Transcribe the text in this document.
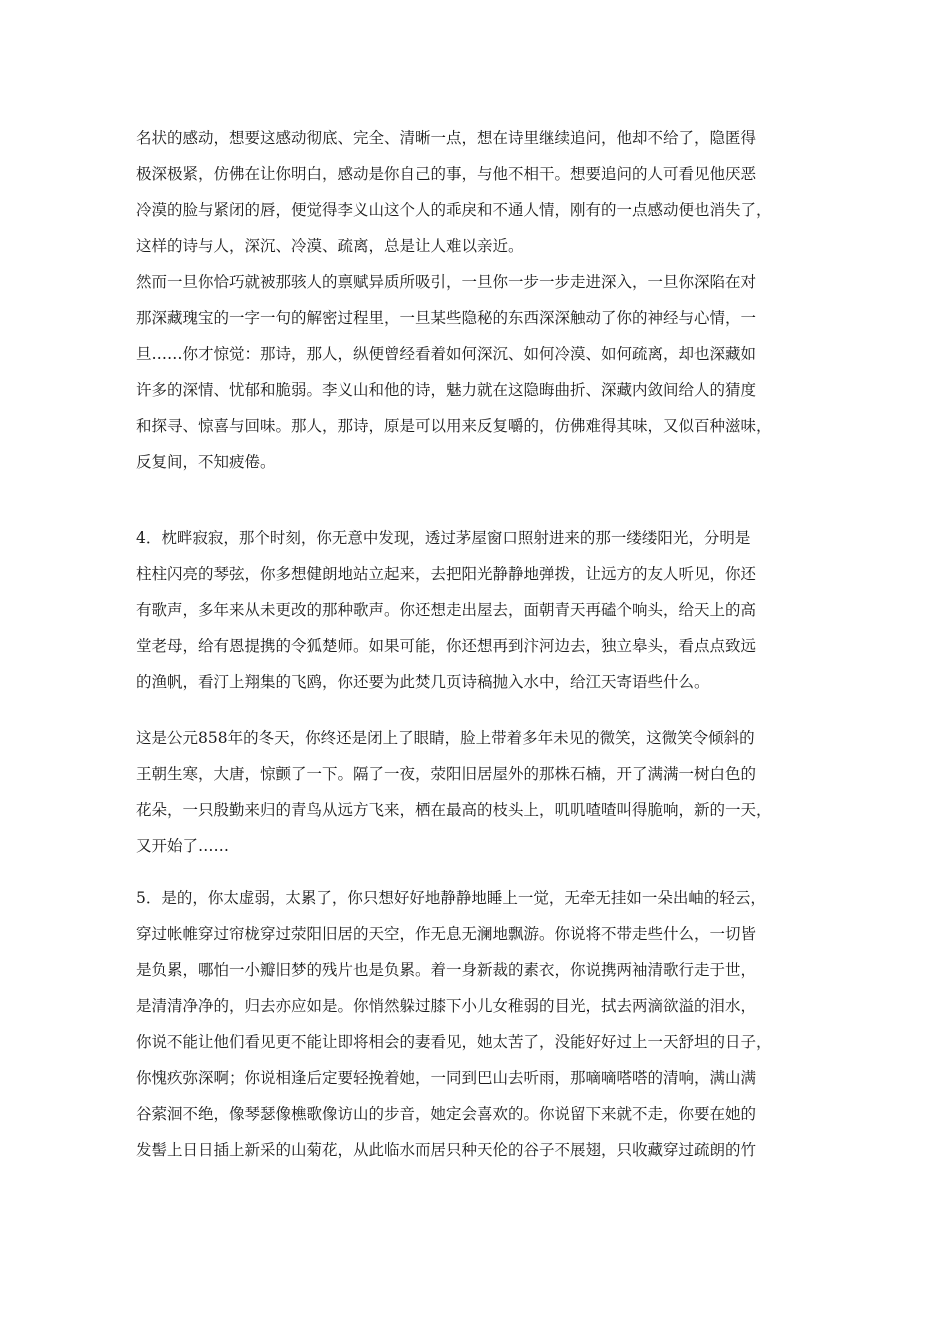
名状的感动，想要这感动彻底、完全、清晰一点，想在诗里继续追问，他却不给了，隐匿得
极深极紧，仿佛在让你明白，感动是你自己的事，与他不相干。想要追问的人可看见他厌恶
冷漠的脸与紧闭的唇，便觉得李义山这个人的乖戾和不通人情，刚有的一点感动便也消失了，
这样的诗与人，深沉、冷漠、疏离，总是让人难以亲近。
然而一旦你恰巧就被那骇人的禀赋异质所吸引，一旦你一步一步走进深入，一旦你深陷在对
那深藏瑰宝的一字一句的解密过程里，一旦某些隐秘的东西深深触动了你的神经与心情，一
旦……你才惊觉：那诗，那人，纵便曾经看着如何深沉、如何冷漠、如何疏离，却也深藏如
许多的深情、忧郁和脆弱。李义山和他的诗，魅力就在这隐晦曲折、深藏内敛间给人的猜度
和探寻、惊喜与回味。那人，那诗，原是可以用来反复嚼的，仿佛难得其味，又似百种滋味，
反复间，不知疲倦。
4．枕畔寂寂，那个时刻，你无意中发现，透过茅屋窗口照射进来的那一缕缕阳光，分明是
柱柱闪亮的琴弦，你多想健朗地站立起来，去把阳光静静地弹拨，让远方的友人听见，你还
有歌声，多年来从未更改的那种歌声。你还想走出屋去，面朝青天再磕个响头，给天上的高
堂老母，给有恩提携的令狐楚师。如果可能，你还想再到汴河边去，独立皋头，看点点致远
的渔帆，看汀上翔集的飞鸥，你还要为此焚几页诗稿抛入水中，给江天寄语些什么。
这是公元858年的冬天，你终还是闭上了眼睛，脸上带着多年未见的微笑，这微笑令倾斜的
王朝生寒，大唐，惊颤了一下。隔了一夜，荥阳旧居屋外的那株石楠，开了满满一树白色的
花朵，一只殷勤来归的青鸟从远方飞来，栖在最高的枝头上，叽叽喳喳叫得脆响，新的一天，
又开始了……
5．是的，你太虚弱，太累了，你只想好好地静静地睡上一觉，无牵无挂如一朵出岫的轻云，
穿过帐帷穿过帘栊穿过荥阳旧居的天空，作无息无澜地飘游。你说将不带走些什么，一切皆
是负累，哪怕一小瓣旧梦的残片也是负累。着一身新裁的素衣，你说携两袖清歌行走于世，
是清清净净的，归去亦应如是。你悄然躲过膝下小儿女稚弱的目光，拭去两滴欲溢的泪水，
你说不能让他们看见更不能让即将相会的妻看见，她太苦了，没能好好过上一天舒坦的日子，
你愧疚弥深啊；你说相逢后定要轻挽着她，一同到巴山去听雨，那嘀嘀嗒嗒的清响，满山满
谷萦洄不绝，像琴瑟像樵歌像访山的步音，她定会喜欢的。你说留下来就不走，你要在她的
发髻上日日插上新采的山菊花，从此临水而居只种天伦的谷子不展翅，只收藏穿过疏朗的竹
